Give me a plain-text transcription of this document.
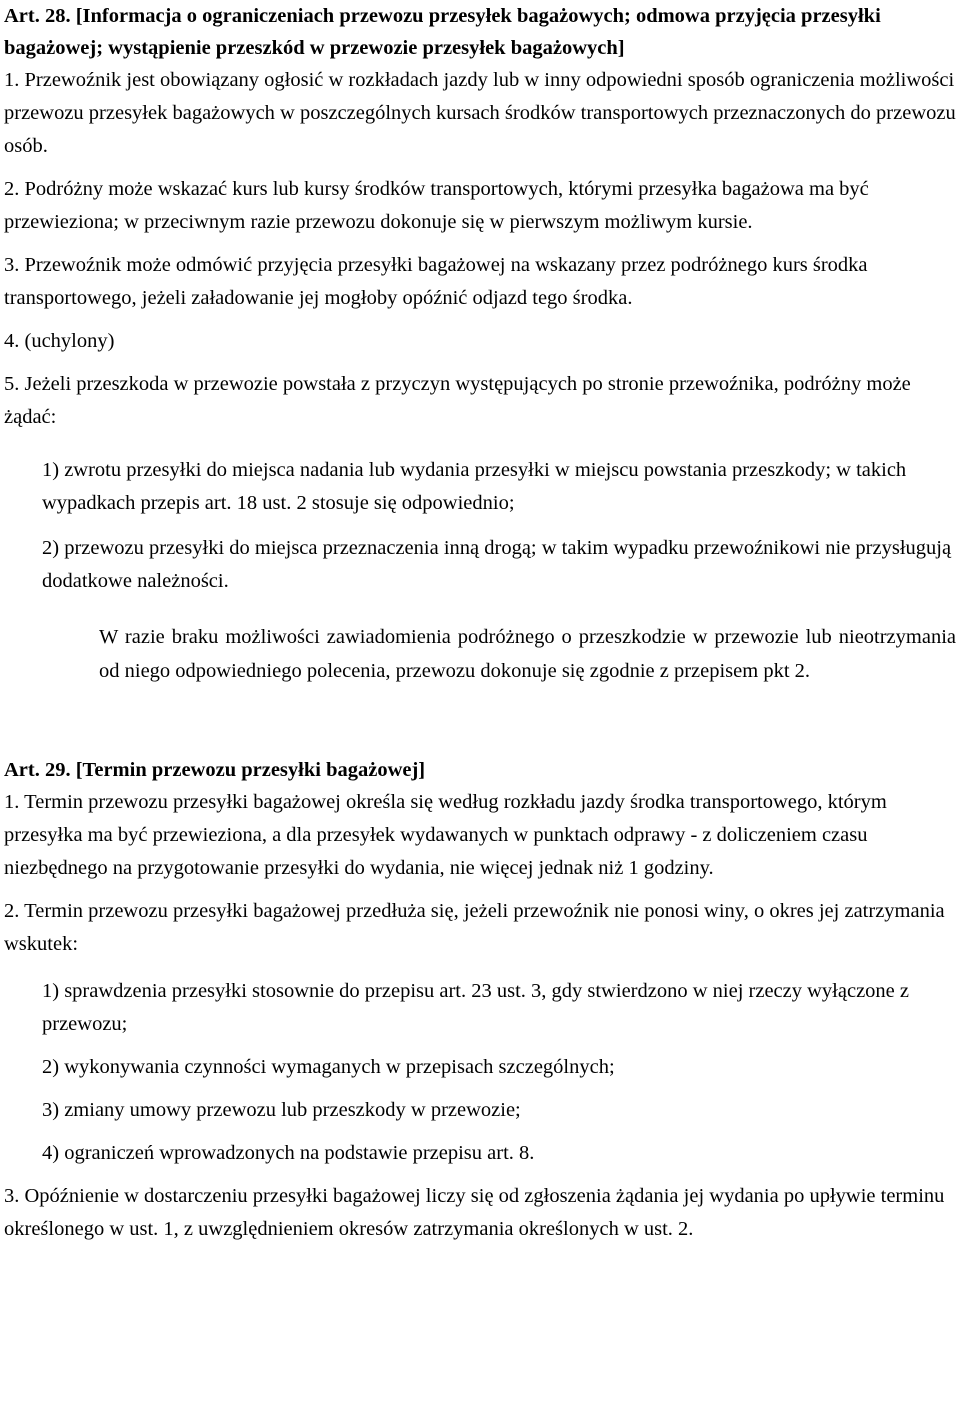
Art. 28. [Informacja o ograniczeniach przewozu przesyłek bagażowych; odmowa przyjęcia przesyłki bagażowej; wystąpienie przeszkód w przewozie przesyłek bagażowych]

1. Przewoźnik jest obowiązany ogłosić w rozkładach jazdy lub w inny odpowiedni sposób ograniczenia możliwości przewozu przesyłek bagażowych w poszczególnych kursach środków transportowych przeznaczonych do przewozu osób.

2. Podróżny może wskazać kurs lub kursy środków transportowych, którymi przesyłka bagażowa ma być przewieziona; w przeciwnym razie przewozu dokonuje się w pierwszym możliwym kursie.

3. Przewoźnik może odmówić przyjęcia przesyłki bagażowej na wskazany przez podróżnego kurs środka transportowego, jeżeli załadowanie jej mogłoby opóźnić odjazd tego środka.

4. (uchylony)

5. Jeżeli przeszkoda w przewozie powstała z przyczyn występujących po stronie przewoźnika, podróżny może żądać:

1) zwrotu przesyłki do miejsca nadania lub wydania przesyłki w miejscu powstania przeszkody; w takich wypadkach przepis art. 18 ust. 2 stosuje się odpowiednio;

2) przewozu przesyłki do miejsca przeznaczenia inną drogą; w takim wypadku przewoźnikowi nie przysługują dodatkowe należności.

W razie braku możliwości zawiadomienia podróżnego o przeszkodzie w przewozie lub nieotrzymania od niego odpowiedniego polecenia, przewozu dokonuje się zgodnie z przepisem pkt 2.

Art. 29. [Termin przewozu przesyłki bagażowej]

1. Termin przewozu przesyłki bagażowej określa się według rozkładu jazdy środka transportowego, którym przesyłka ma być przewieziona, a dla przesyłek wydawanych w punktach odprawy - z doliczeniem czasu niezbędnego na przygotowanie przesyłki do wydania, nie więcej jednak niż 1 godziny.

2. Termin przewozu przesyłki bagażowej przedłuża się, jeżeli przewoźnik nie ponosi winy, o okres jej zatrzymania wskutek:

1) sprawdzenia przesyłki stosownie do przepisu art. 23 ust. 3, gdy stwierdzono w niej rzeczy wyłączone z przewozu;

2) wykonywania czynności wymaganych w przepisach szczególnych;

3) zmiany umowy przewozu lub przeszkody w przewozie;

4) ograniczeń wprowadzonych na podstawie przepisu art. 8.

3. Opóźnienie w dostarczeniu przesyłki bagażowej liczy się od zgłoszenia żądania jej wydania po upływie terminu określonego w ust. 1, z uwzględnieniem okresów zatrzymania określonych w ust. 2.
